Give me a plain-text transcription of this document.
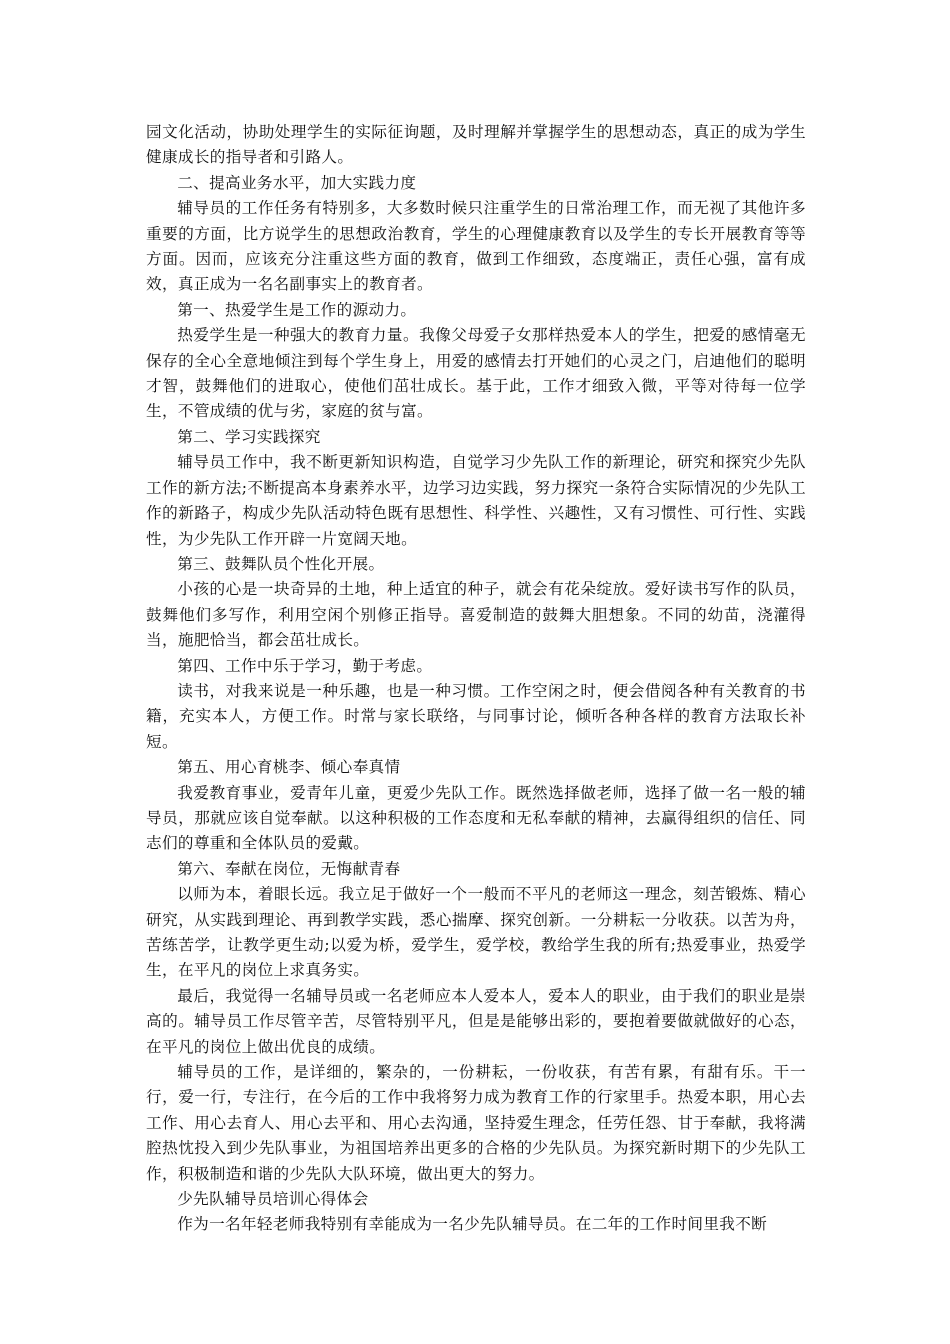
园文化活动，协助处理学生的实际征询题，及时理解并掌握学生的思想动态，真正的成为学生健康成长的指导者和引路人。

二、提高业务水平，加大实践力度

辅导员的工作任务有特别多，大多数时候只注重学生的日常治理工作，而无视了其他许多重要的方面，比方说学生的思想政治教育，学生的心理健康教育以及学生的专长开展教育等等方面。因而，应该充分注重这些方面的教育，做到工作细致，态度端正，责任心强，富有成效，真正成为一名名副事实上的教育者。

第一、热爱学生是工作的源动力。

热爱学生是一种强大的教育力量。我像父母爱子女那样热爱本人的学生，把爱的感情毫无保存的全心全意地倾注到每个学生身上，用爱的感情去打开她们的心灵之门，启迪他们的聪明才智，鼓舞他们的进取心，使他们茁壮成长。基于此，工作才细致入微，平等对待每一位学生，不管成绩的优与劣，家庭的贫与富。

第二、学习实践探究

辅导员工作中，我不断更新知识构造，自觉学习少先队工作的新理论，研究和探究少先队工作的新方法;不断提高本身素养水平，边学习边实践，努力探究一条符合实际情况的少先队工作的新路子，构成少先队活动特色既有思想性、科学性、兴趣性，又有习惯性、可行性、实践性，为少先队工作开辟一片宽阔天地。

第三、鼓舞队员个性化开展。

小孩的心是一块奇异的土地，种上适宜的种子，就会有花朵绽放。爱好读书写作的队员，鼓舞他们多写作，利用空闲个别修正指导。喜爱制造的鼓舞大胆想象。不同的幼苗，浇灌得当，施肥恰当，都会茁壮成长。

第四、工作中乐于学习，勤于考虑。

读书，对我来说是一种乐趣，也是一种习惯。工作空闲之时，便会借阅各种有关教育的书籍，充实本人，方便工作。时常与家长联络，与同事讨论，倾听各种各样的教育方法取长补短。

第五、用心育桃李、倾心奉真情

我爱教育事业，爱青年儿童，更爱少先队工作。既然选择做老师，选择了做一名一般的辅导员，那就应该自觉奉献。以这种积极的工作态度和无私奉献的精神，去赢得组织的信任、同志们的尊重和全体队员的爱戴。

第六、奉献在岗位，无悔献青春

以师为本，着眼长远。我立足于做好一个一般而不平凡的老师这一理念，刻苦锻炼、精心研究，从实践到理论、再到教学实践，悉心揣摩、探究创新。一分耕耘一分收获。以苦为舟，苦练苦学，让教学更生动;以爱为桥，爱学生，爱学校，教给学生我的所有;热爱事业，热爱学生，在平凡的岗位上求真务实。

最后，我觉得一名辅导员或一名老师应本人爱本人，爱本人的职业，由于我们的职业是崇高的。辅导员工作尽管辛苦，尽管特别平凡，但是是能够出彩的，要抱着要做就做好的心态，在平凡的岗位上做出优良的成绩。

辅导员的工作，是详细的，繁杂的，一份耕耘，一份收获，有苦有累，有甜有乐。干一行，爱一行，专注行，在今后的工作中我将努力成为教育工作的行家里手。热爱本职，用心去工作、用心去育人、用心去平和、用心去沟通，坚持爱生理念，任劳任怨、甘于奉献，我将满腔热忱投入到少先队事业，为祖国培养出更多的合格的少先队员。为探究新时期下的少先队工作，积极制造和谐的少先队大队环境，做出更大的努力。

少先队辅导员培训心得体会

作为一名年轻老师我特别有幸能成为一名少先队辅导员。在二年的工作时间里我不断
